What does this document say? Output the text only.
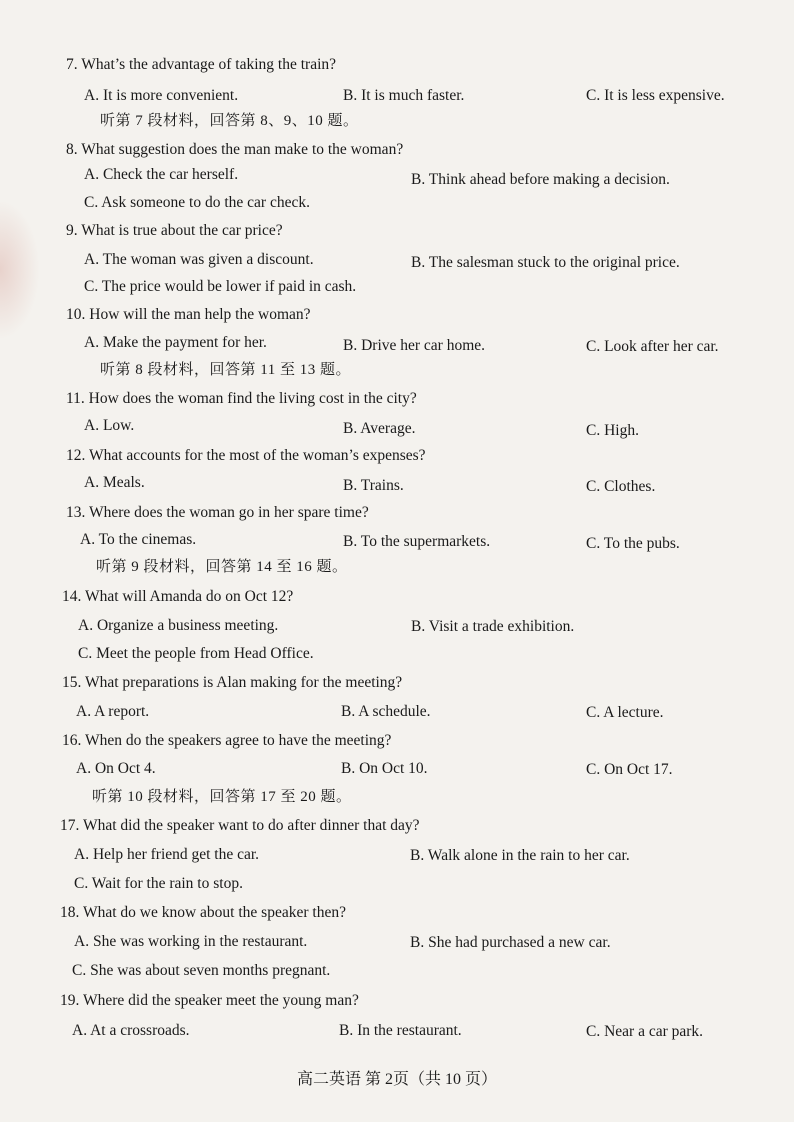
7. What’s the advantage of taking the train?
A. It is more convenient.	B. It is much faster.	C. It is less expensive.
听第 7 段材料，回答第 8、9、10 题。
8. What suggestion does the man make to the woman?
A. Check the car herself.	B. Think ahead before making a decision.
C. Ask someone to do the car check.
9. What is true about the car price?
A. The woman was given a discount.	B. The salesman stuck to the original price.
C. The price would be lower if paid in cash.
10. How will the man help the woman?
A. Make the payment for her.	B. Drive her car home.	C. Look after her car.
听第 8 段材料，回答第 11 至 13 题。
11. How does the woman find the living cost in the city?
A. Low.	B. Average.	C. High.
12. What accounts for the most of the woman’s expenses?
A. Meals.	B. Trains.	C. Clothes.
13. Where does the woman go in her spare time?
A. To the cinemas.	B. To the supermarkets.	C. To the pubs.
听第 9 段材料，回答第 14 至 16 题。
14. What will Amanda do on Oct 12?
A. Organize a business meeting.	B. Visit a trade exhibition.
C. Meet the people from Head Office.
15. What preparations is Alan making for the meeting?
A. A report.	B. A schedule.	C. A lecture.
16. When do the speakers agree to have the meeting?
A. On Oct 4.	B. On Oct 10.	C. On Oct 17.
听第 10 段材料，回答第 17 至 20 题。
17. What did the speaker want to do after dinner that day?
A. Help her friend get the car.	B. Walk alone in the rain to her car.
C. Wait for the rain to stop.
18. What do we know about the speaker then?
A. She was working in the restaurant.	B. She had purchased a new car.
C. She was about seven months pregnant.
19. Where did the speaker meet the young man?
A. At a crossroads.	B. In the restaurant.	C. Near a car park.
高二英语 第 2页（共 10 页）
